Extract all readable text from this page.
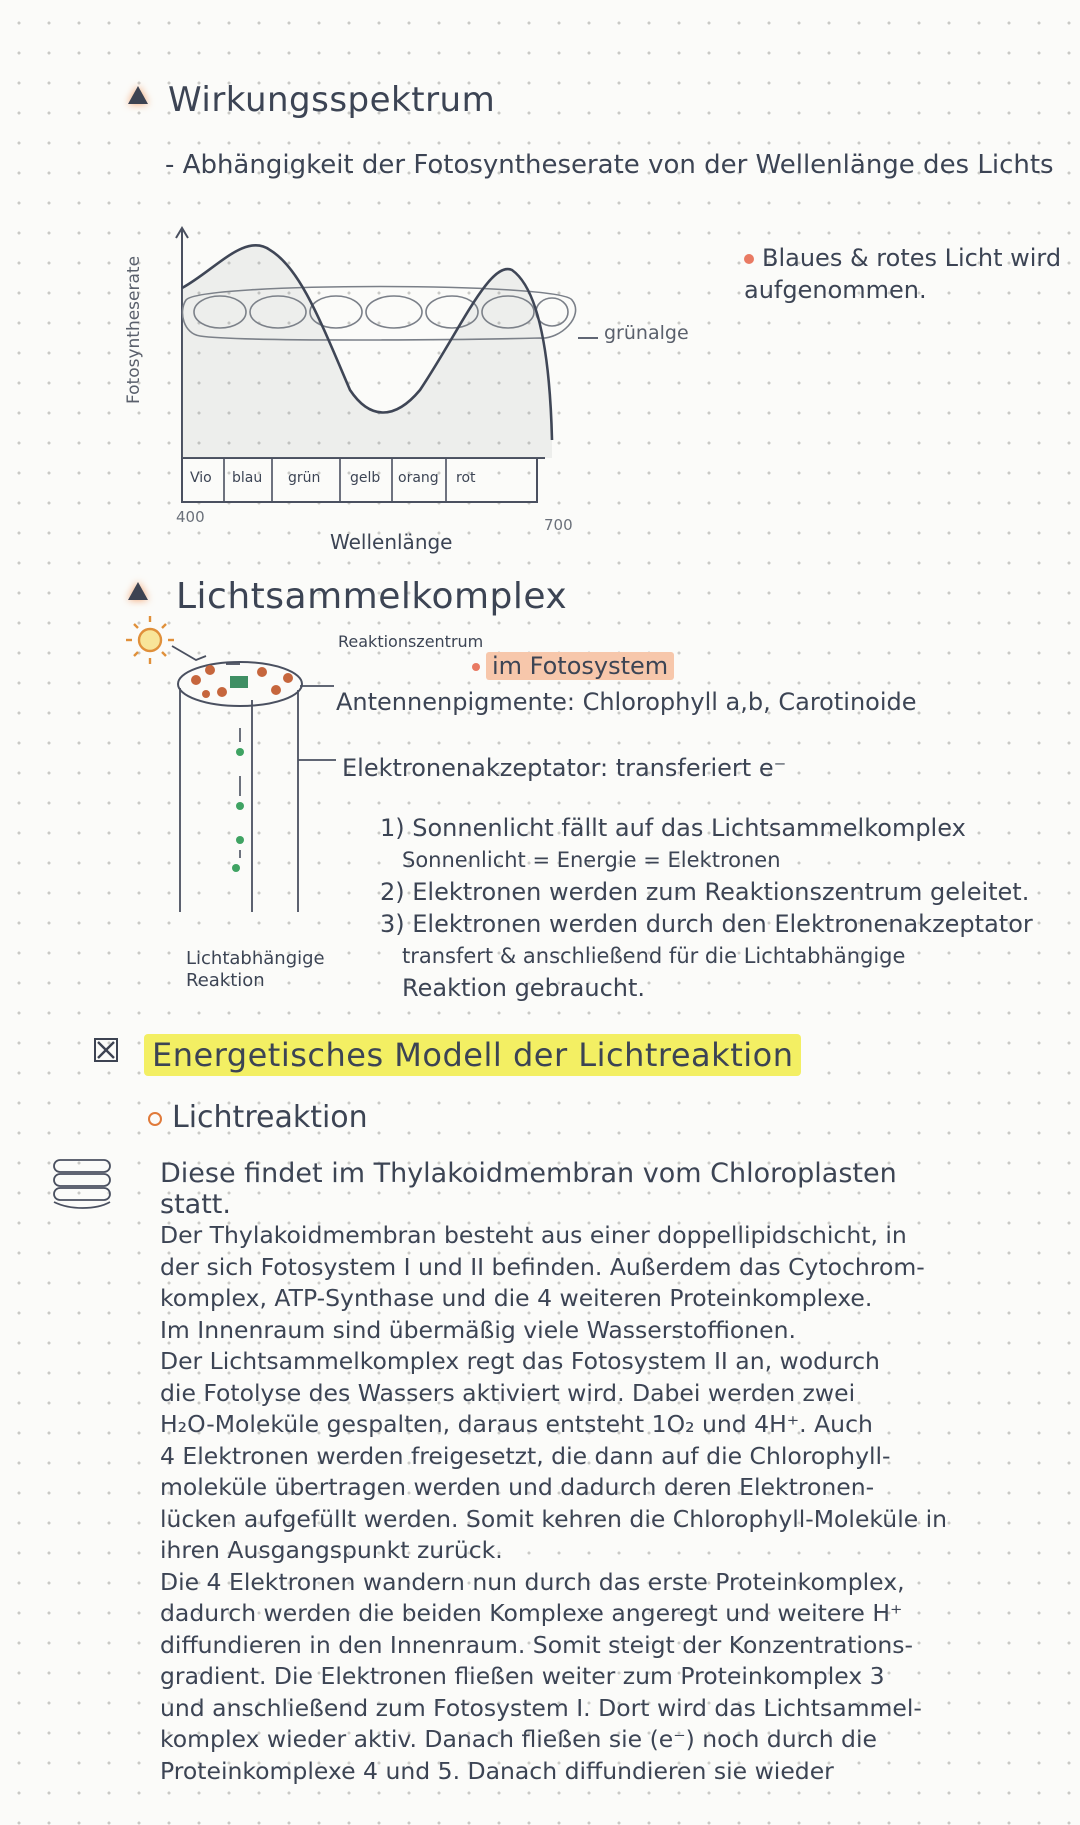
Wirkungsspektrum
- Abhängigkeit der Fotosyntheserate von der Wellenlänge des Lichts
Fotosyntheserate	grünalge
Blaues & rotes Licht wird aufgenommen.
Vio blau grün gelb orang rot
400	700
Wellenlänge
Lichtsammelkomplex
Reaktionszentrum
im Fotosystem
Antennenpigmente: Chlorophyll a,b, Carotinoide
Elektronenakzeptator: transferiert e⁻
1) Sonnenlicht fällt auf das Lichtsammelkomplex
Sonnenlicht = Energie = Elektronen
2) Elektronen werden zum Reaktionszentrum geleitet.
3) Elektronen werden durch den Elektronenakzeptator
transfert & anschließend für die Lichtabhängige
Reaktion gebraucht.
Lichtabhängige Reaktion
Energetisches Modell der Lichtreaktion
Lichtreaktion

Diese findet im Thylakoidmembran vom Chloroplasten

statt.

Der Thylakoidmembran besteht aus einer doppellipidschicht, in

der sich Fotosystem I und II befinden. Außerdem das Cytochrom-

komplex, ATP-Synthase und die 4 weiteren Proteinkomplexe.

Im Innenraum sind übermäßig viele Wasserstoffionen.

Der Lichtsammelkomplex regt das Fotosystem II an, wodurch

die Fotolyse des Wassers aktiviert wird. Dabei werden zwei

H₂O-Moleküle gespalten, daraus entsteht 1O₂ und 4H⁺. Auch

4 Elektronen werden freigesetzt, die dann auf die Chlorophyll-

moleküle übertragen werden und dadurch deren Elektronen-

lücken aufgefüllt werden. Somit kehren die Chlorophyll-Moleküle in

ihren Ausgangspunkt zurück.

Die 4 Elektronen wandern nun durch das erste Proteinkomplex,

dadurch werden die beiden Komplexe angeregt und weitere H⁺

diffundieren in den Innenraum. Somit steigt der Konzentrations-

gradient. Die Elektronen fließen weiter zum Proteinkomplex 3

und anschließend zum Fotosystem I. Dort wird das Lichtsammel-

komplex wieder aktiv. Danach fließen sie (e⁻) noch durch die

Proteinkomplexe 4 und 5. Danach diffundieren sie wieder
